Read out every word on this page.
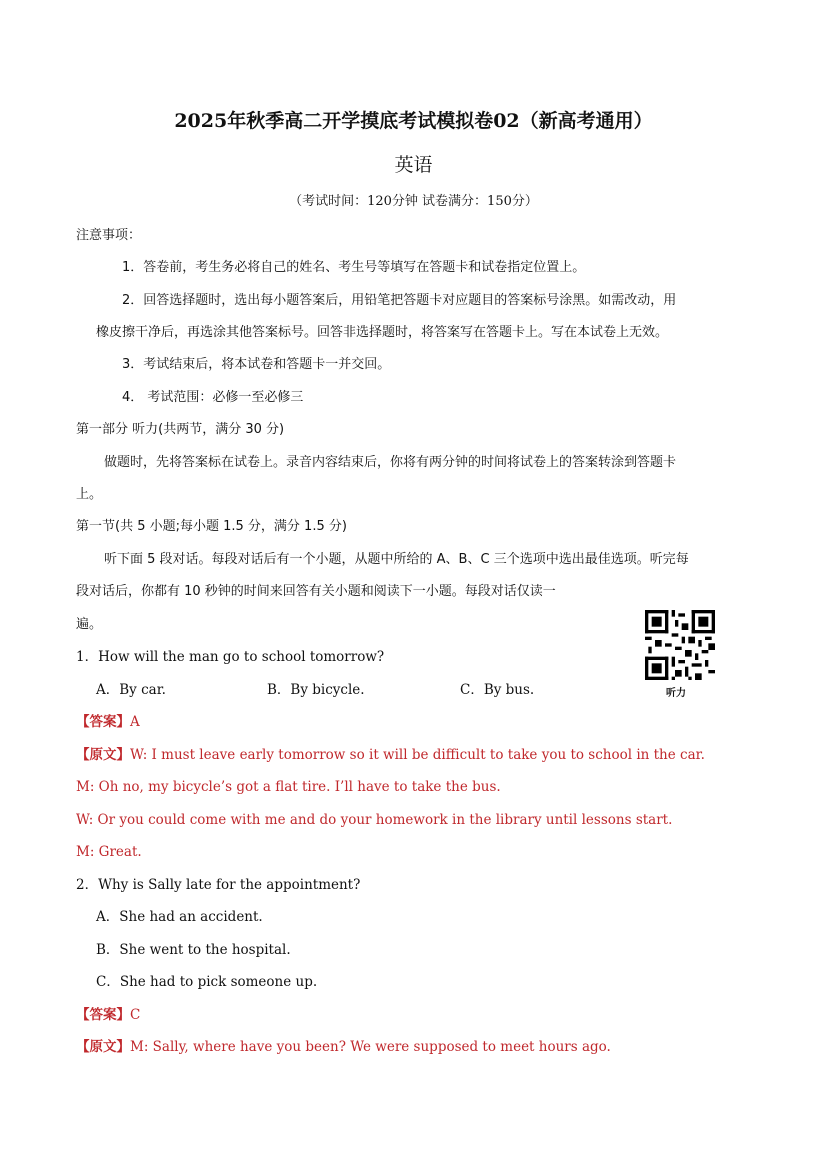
2025年秋季高二开学摸底考试模拟卷02（新高考通用）
英语
（考试时间：120分钟 试卷满分：150分）
注意事项：
1．答卷前，考生务必将自己的姓名、考生号等填写在答题卡和试卷指定位置上。
2．回答选择题时，选出每小题答案后，用铅笔把答题卡对应题目的答案标号涂黑。如需改动，用
橡皮擦干净后，再选涂其他答案标号。回答非选择题时，将答案写在答题卡上。写在本试卷上无效。
3．考试结束后，将本试卷和答题卡一并交回。
4． 考试范围：必修一至必修三
第一部分 听力(共两节，满分 30 分)
做题时，先将答案标在试卷上。录音内容结束后，你将有两分钟的时间将试卷上的答案转涂到答题卡
上。
第一节(共 5 小题;每小题 1.5 分，满分 1.5 分)
听下面 5 段对话。每段对话后有一个小题，从题中所给的 A、B、C 三个选项中选出最佳选项。听完每
段对话后，你都有 10 秒钟的时间来回答有关小题和阅读下一小题。每段对话仅读一
遍。
听力
1．How will the man go to school tomorrow?
A．By car.	B．By bicycle.	C．By bus.
【答案】A
【原文】W: I must leave early tomorrow so it will be difficult to take you to school in the car.
M: Oh no, my bicycle’s got a flat tire. I’ll have to take the bus.
W: Or you could come with me and do your homework in the library until lessons start.
M: Great.
2．Why is Sally late for the appointment?
A．She had an accident.
B．She went to the hospital.
C．She had to pick someone up.
【答案】C
【原文】M: Sally, where have you been? We were supposed to meet hours ago.
